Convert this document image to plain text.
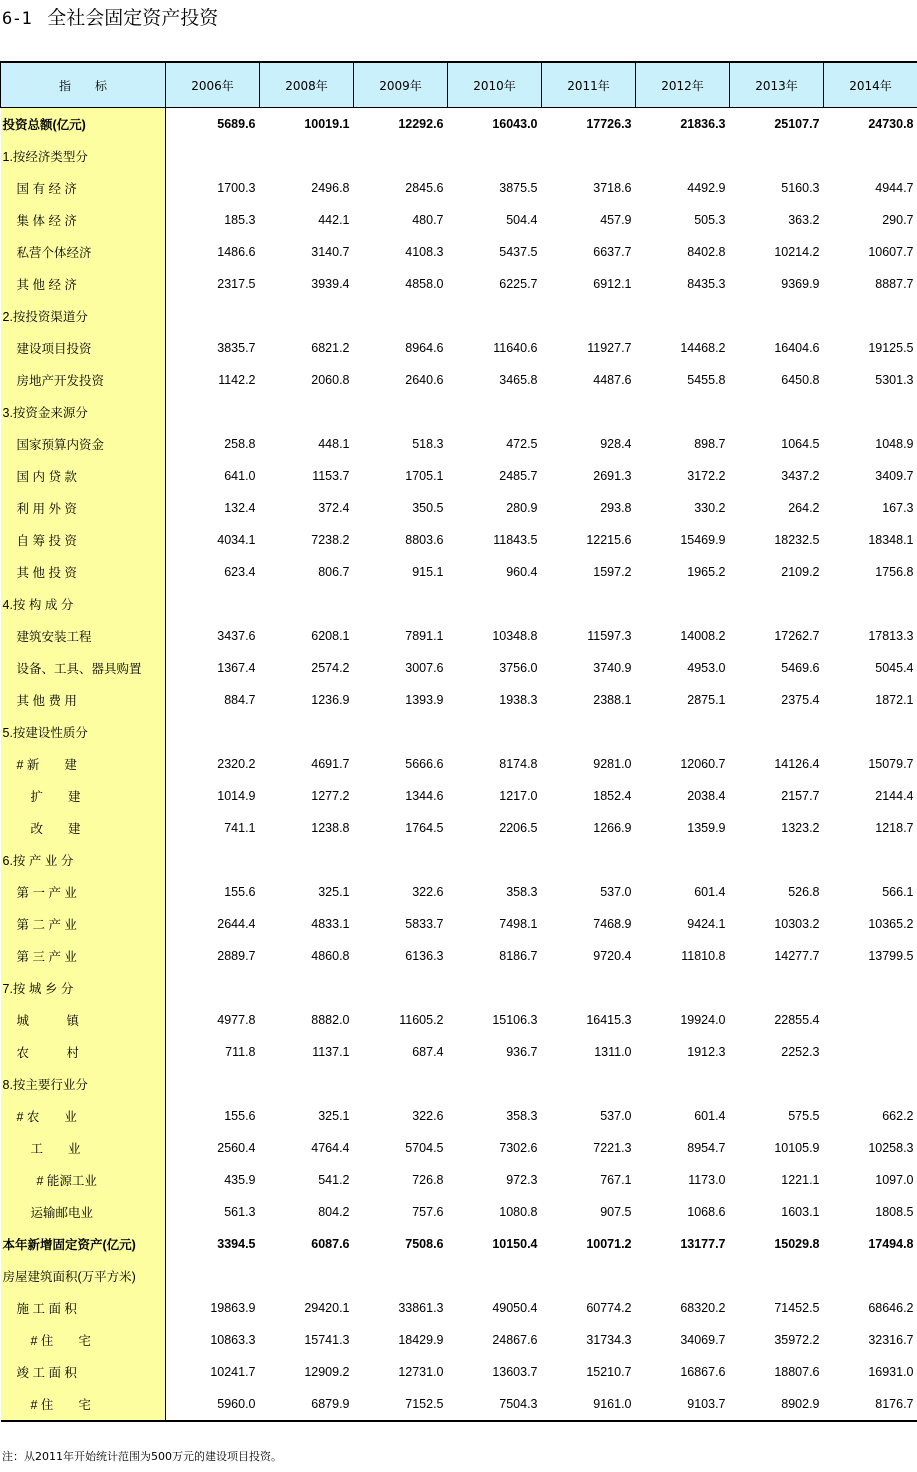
6-1 全社会固定资产投资
指　　标	2006年	2008年	2009年	2010年	2011年	2012年	2013年	2014年
投资总额(亿元)	5689.6	10019.1	12292.6	16043.0	17726.3	21836.3	25107.7	24730.8
1.按经济类型分								
国 有 经 济	1700.3	2496.8	2845.6	3875.5	3718.6	4492.9	5160.3	4944.7
集 体 经 济	185.3	442.1	480.7	504.4	457.9	505.3	363.2	290.7
私营个体经济	1486.6	3140.7	4108.3	5437.5	6637.7	8402.8	10214.2	10607.7
其 他 经 济	2317.5	3939.4	4858.0	6225.7	6912.1	8435.3	9369.9	8887.7
2.按投资渠道分								
建设项目投资	3835.7	6821.2	8964.6	11640.6	11927.7	14468.2	16404.6	19125.5
房地产开发投资	1142.2	2060.8	2640.6	3465.8	4487.6	5455.8	6450.8	5301.3
3.按资金来源分								
国家预算内资金	258.8	448.1	518.3	472.5	928.4	898.7	1064.5	1048.9
国 内 贷 款	641.0	1153.7	1705.1	2485.7	2691.3	3172.2	3437.2	3409.7
利 用 外 资	132.4	372.4	350.5	280.9	293.8	330.2	264.2	167.3
自 筹 投 资	4034.1	7238.2	8803.6	11843.5	12215.6	15469.9	18232.5	18348.1
其 他 投 资	623.4	806.7	915.1	960.4	1597.2	1965.2	2109.2	1756.8
4.按 构 成 分								
建筑安装工程	3437.6	6208.1	7891.1	10348.8	11597.3	14008.2	17262.7	17813.3
设备、工具、器具购置	1367.4	2574.2	3007.6	3756.0	3740.9	4953.0	5469.6	5045.4
其 他 费 用	884.7	1236.9	1393.9	1938.3	2388.1	2875.1	2375.4	1872.1
5.按建设性质分								
# 新　　建	2320.2	4691.7	5666.6	8174.8	9281.0	12060.7	14126.4	15079.7
扩　　建	1014.9	1277.2	1344.6	1217.0	1852.4	2038.4	2157.7	2144.4
改　　建	741.1	1238.8	1764.5	2206.5	1266.9	1359.9	1323.2	1218.7
6.按 产 业 分								
第 一 产 业	155.6	325.1	322.6	358.3	537.0	601.4	526.8	566.1
第 二 产 业	2644.4	4833.1	5833.7	7498.1	7468.9	9424.1	10303.2	10365.2
第 三 产 业	2889.7	4860.8	6136.3	8186.7	9720.4	11810.8	14277.7	13799.5
7.按 城 乡 分								
城　　　镇	4977.8	8882.0	11605.2	15106.3	16415.3	19924.0	22855.4	
农　　　村	711.8	1137.1	687.4	936.7	1311.0	1912.3	2252.3	
8.按主要行业分								
# 农　　业	155.6	325.1	322.6	358.3	537.0	601.4	575.5	662.2
工　　业	2560.4	4764.4	5704.5	7302.6	7221.3	8954.7	10105.9	10258.3
# 能源工业	435.9	541.2	726.8	972.3	767.1	1173.0	1221.1	1097.0
运输邮电业	561.3	804.2	757.6	1080.8	907.5	1068.6	1603.1	1808.5
本年新增固定资产(亿元)	3394.5	6087.6	7508.6	10150.4	10071.2	13177.7	15029.8	17494.8
房屋建筑面积(万平方米)								
施 工 面 积	19863.9	29420.1	33861.3	49050.4	60774.2	68320.2	71452.5	68646.2
# 住　　宅	10863.3	15741.3	18429.9	24867.6	31734.3	34069.7	35972.2	32316.7
竣 工 面 积	10241.7	12909.2	12731.0	13603.7	15210.7	16867.6	18807.6	16931.0
# 住　　宅	5960.0	6879.9	7152.5	7504.3	9161.0	9103.7	8902.9	8176.7
注：从2011年开始统计范围为500万元的建设项目投资。
